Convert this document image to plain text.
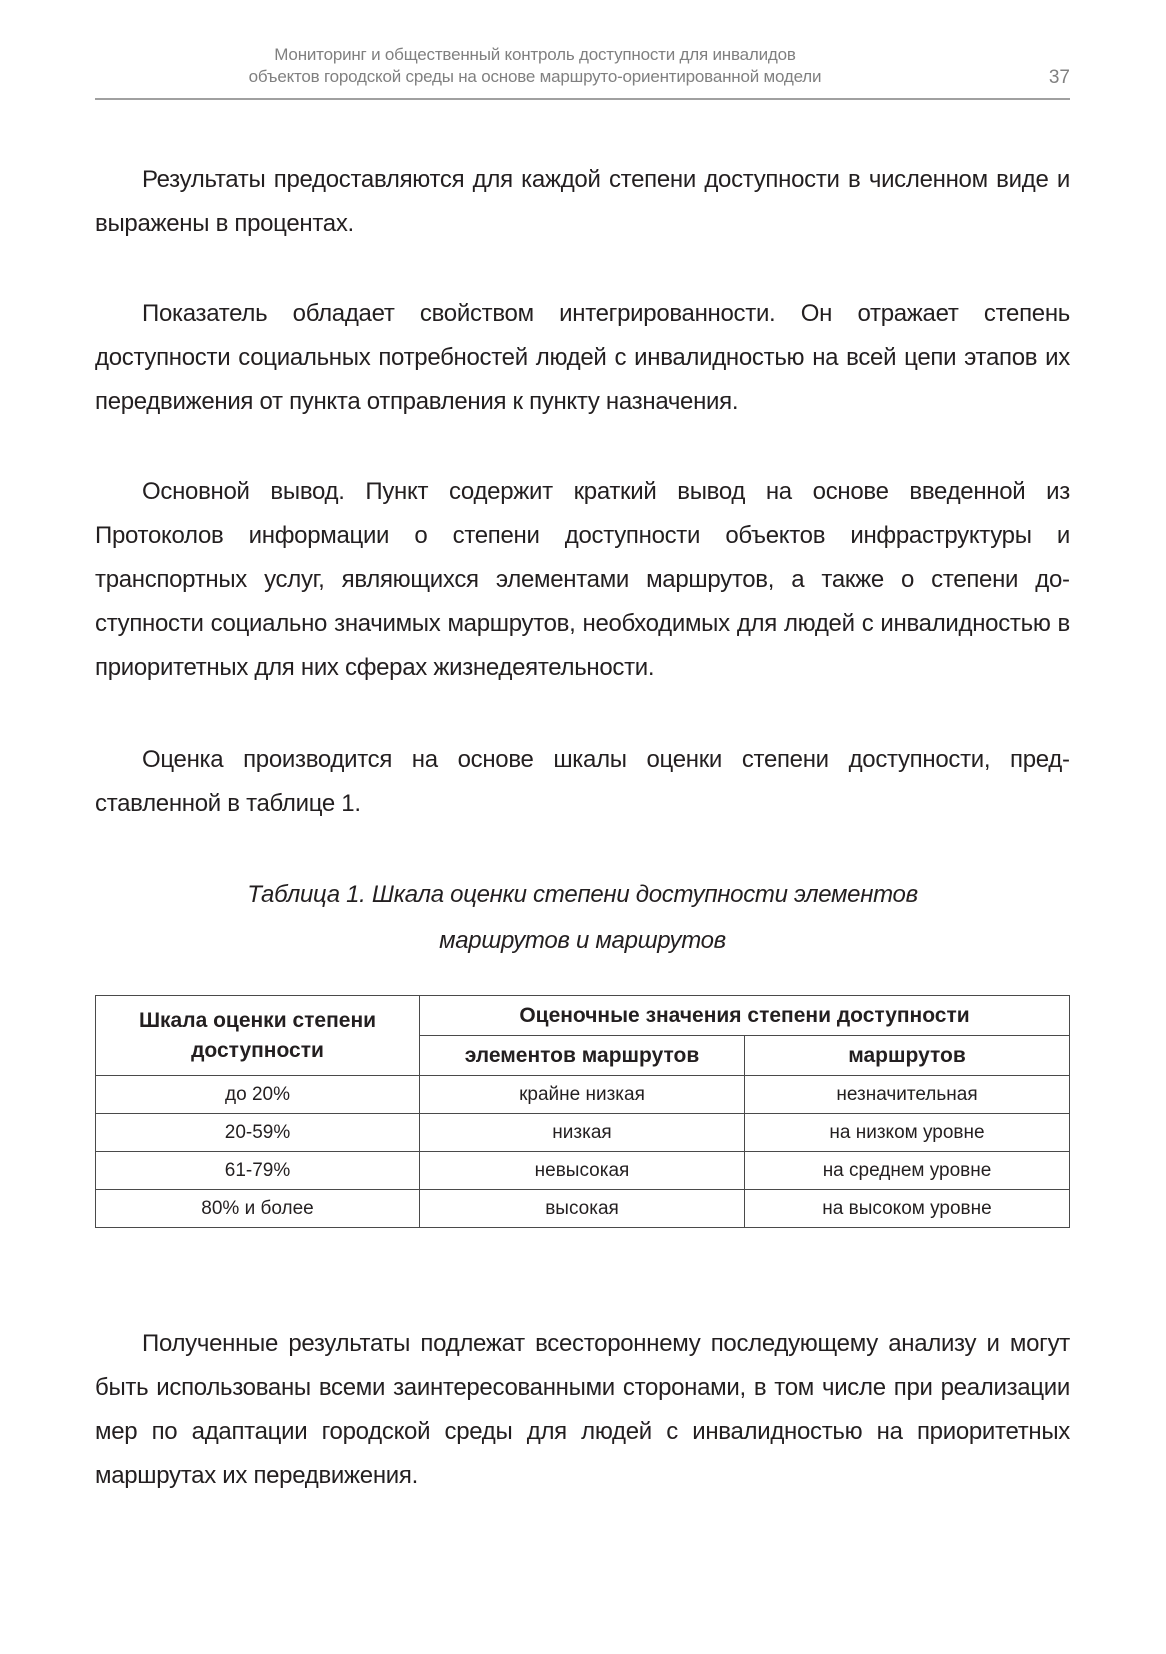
Мониторинг и общественный контроль доступности для инвалидов
объектов городской среды на основе маршруто-ориентированной модели	37

Результаты предоставляются для каждой степени доступности в численном виде и выражены в процентах.

Показатель обладает свойством интегрированности. Он отражает степень доступности социальных потребностей людей с инвалидностью на всей цепи этапов их передвижения от пункта отправления к пункту назначения.

Основной вывод. Пункт содержит краткий вывод на основе введенной из Протоколов информации о степени доступности объектов инфраструктуры и транспортных услуг, являющихся элементами маршрутов, а также о степени доступности социально значимых маршрутов, необходимых для людей с инвалидностью в приоритетных для них сферах жизнедеятельности.

Оценка производится на основе шкалы оценки степени доступности, представленной в таблице 1.

Таблица 1. Шкала оценки степени доступности элементов
маршрутов и маршрутов
Шкала оценки степени доступности	Оценочные значения степени доступности	
	элементов маршрутов	маршрутов
до 20%	крайне низкая	незначительная
20-59%	низкая	на низком уровне
61-79%	невысокая	на среднем уровне
80% и более	высокая	на высоком уровне

Полученные результаты подлежат всестороннему последующему анализу и могут быть использованы всеми заинтересованными сторонами, в том числе при реализации мер по адаптации городской среды для людей с инвалидностью на приоритетных маршрутах их передвижения.
